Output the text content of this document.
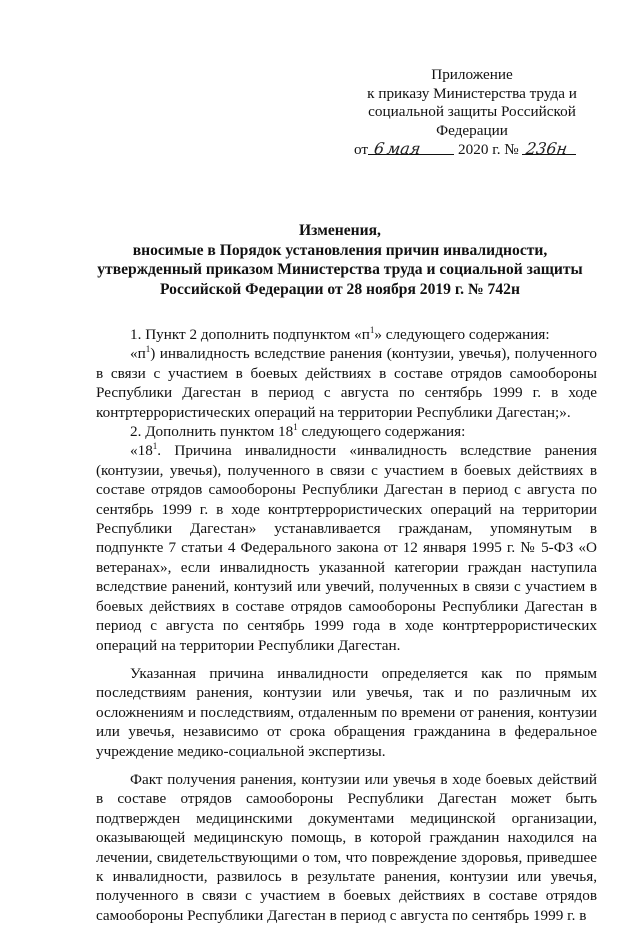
Приложение
к приказу Министерства труда и
социальной защиты Российской
Федерации
от 6мая 2020 г. № 236н
Изменения,
вносимые в Порядок установления причин инвалидности,
утвержденный приказом Министерства труда и социальной защиты
Российской Федерации от 28 ноября 2019 г. № 742н

1. Пункт 2 дополнить подпунктом «$п^1$» следующего содержания:

«$п^1$) инвалидность вследствие ранения (контузии, увечья), полученного в связи с участием в боевых действиях в составе отрядов самообороны Республики Дагестан в период с августа по сентябрь 1999 г. в ходе контртеррористических операций на территории Республики Дагестан;».

2. Дополнить пунктом $18^1$ следующего содержания:

«$18^1$. Причина инвалидности «инвалидность вследствие ранения (контузии, увечья), полученного в связи с участием в боевых действиях в составе отрядов самообороны Республики Дагестан в период с августа по сентябрь 1999 г. в ходе контртеррористических операций на территории Республики Дагестан» устанавливается гражданам, упомянутым в подпункте 7 статьи 4 Федерального закона от 12 января 1995 г. № 5-ФЗ «О ветеранах», если инвалидность указанной категории граждан наступила вследствие ранений, контузий или увечий, полученных в связи с участием в боевых действиях в составе отрядов самообороны Республики Дагестан в период с августа по сентябрь 1999 года в ходе контртеррористических операций на территории Республики Дагестан.

Указанная причина инвалидности определяется как по прямым последствиям ранения, контузии или увечья, так и по различным их осложнениям и последствиям, отдаленным по времени от ранения, контузии или увечья, независимо от срока обращения гражданина в федеральное учреждение медико-социальной экспертизы.

Факт получения ранения, контузии или увечья в ходе боевых действий в составе отрядов самообороны Республики Дагестан может быть подтвержден медицинскими документами медицинской организации, оказывающей медицинскую помощь, в которой гражданин находился на лечении, свидетельствующими о том, что повреждение здоровья, приведшее к инвалидности, развилось в результате ранения, контузии или увечья, полученного в связи с участием в боевых действиях в составе отрядов самообороны Республики Дагестан в период с августа по сентябрь 1999 г. в
